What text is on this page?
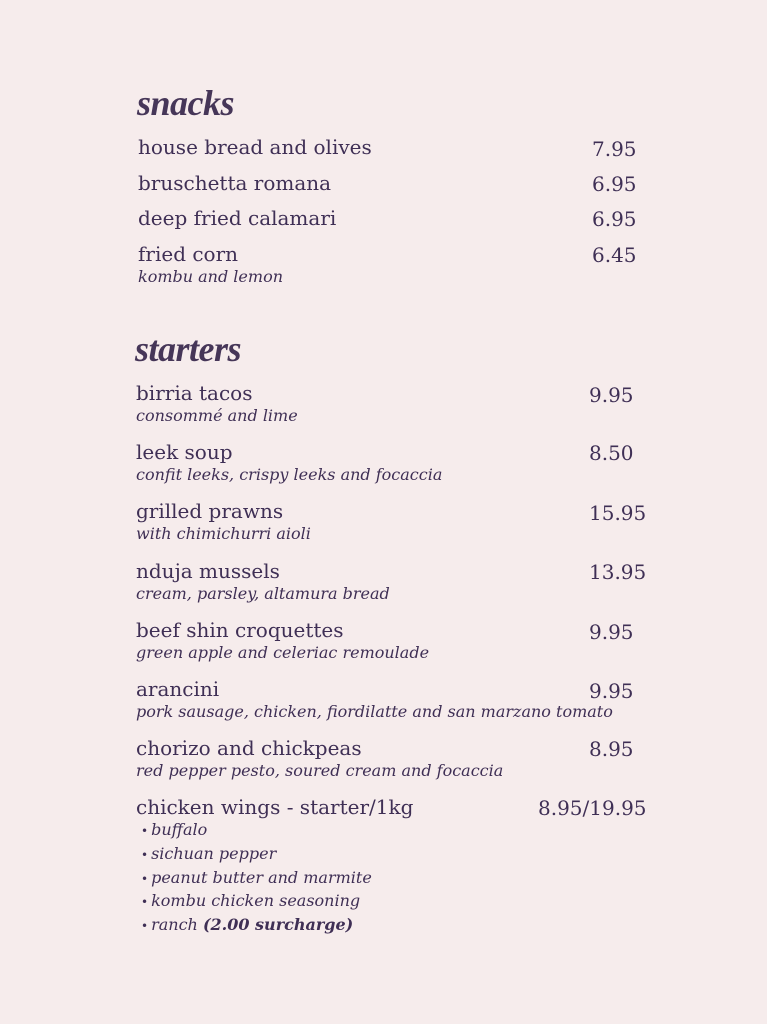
snacks
house bread and olives	7.95
bruschetta romana	6.95
deep fried calamari	6.95
fried corn	6.45
kombu and lemon
starters
birria tacos	9.95
consommé and lime
leek soup	8.50
confit leeks, crispy leeks and focaccia
grilled prawns	15.95
with chimichurri aioli
nduja mussels	13.95
cream, parsley, altamura bread
beef shin croquettes	9.95
green apple and celeriac remoulade
arancini	9.95
pork sausage, chicken, fiordilatte and san marzano tomato
chorizo and chickpeas	8.95
red pepper pesto, soured cream and focaccia
chicken wings - starter/1kg	8.95/19.95
• buffalo
• sichuan pepper
• peanut butter and marmite
• kombu chicken seasoning
• ranch (2.00 surcharge)
